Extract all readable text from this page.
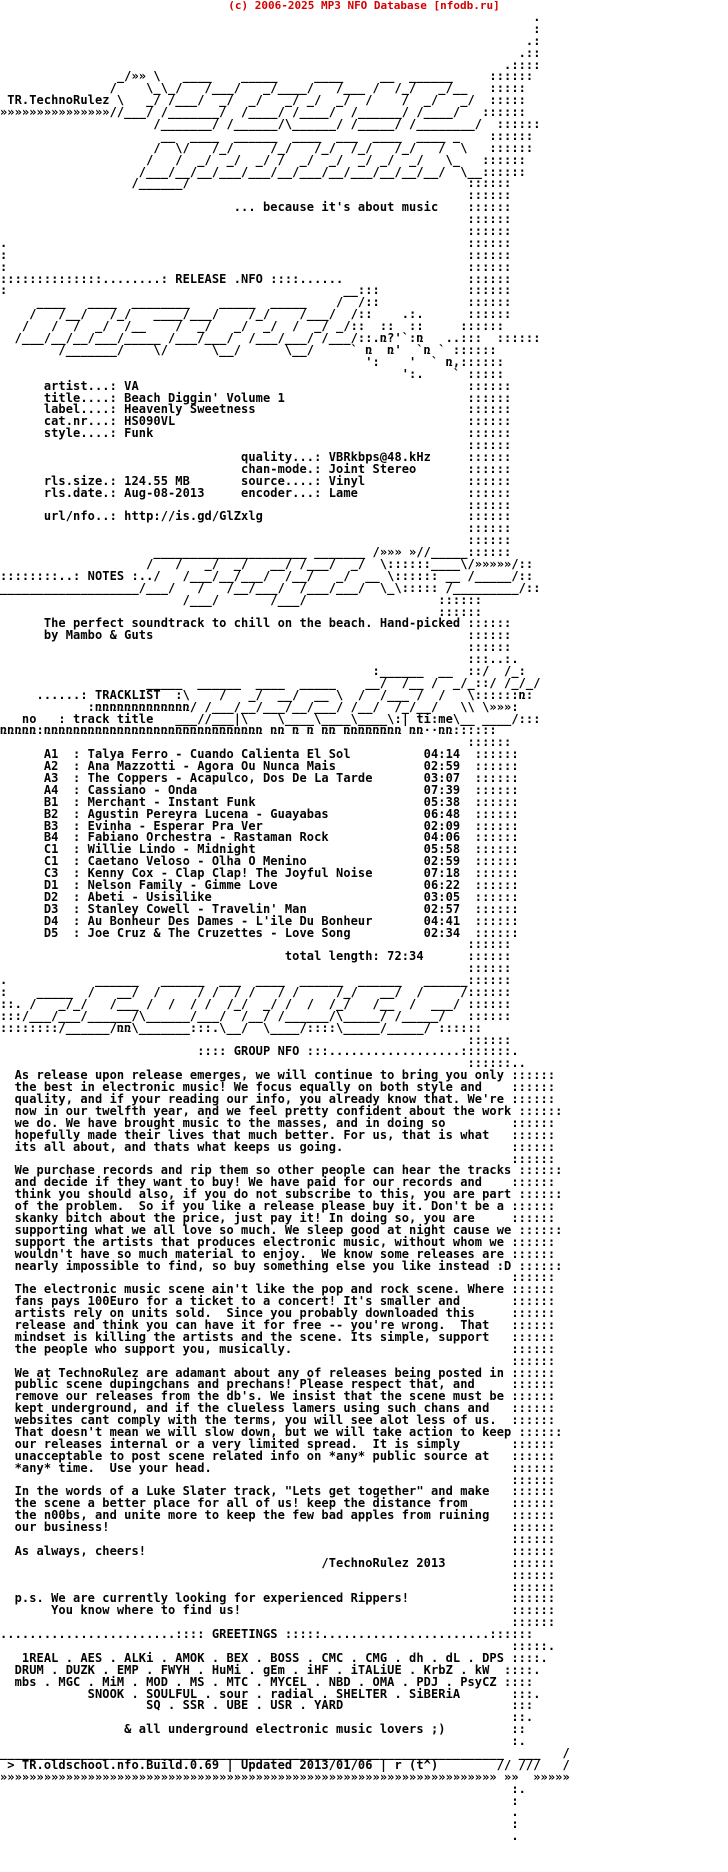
(c) 2006-2025 MP3 NFO Database [nfodb.ru]
.
:
.:
.::
.::::
_/»» \   ____    _____     ____     __  ______     ::::::
/    \_\_/   /___/   _/____/   /___ /  /_/   _/__   :::::
TR.TechnoRulez \   _/ /___/  _/  _/   _/ _/  _/  /    /  _/   _/  :::::
»»»»»»»»»»»»»»»//___/ /_______/  /____/ /____/  /______/ /____/   ::::::
/_______/ /______/\______/ /_____/ /________/  ::::::
__  ____  ______  ____  ___  ____  ____ _    ::::::
/  \/   /_/     /_/   /_/  /_/   /_/   /  \   ::::::
/   /  _/  _/  _/ /  _/  _/  _/ _/  _/   \_   ::::::
/___/__/__/___/___/__/___/__/___/__/__/__/  \__::::::
/______/                                      ::::::
::::::
... because it's about music    ::::::
::::::
::::::
.                                                               ::::::
:                                                               ::::::
:                                                               ::::::
::::::::::::::........: RELEASE .NFO ::::......                 ::::::
:                                              __:::            ::::::
____   ____  ________    _____  _____    /  /::            ::::::
/   /__/   /_/   ____/___/    /_/    /___/  /::    .:.      ::::::
/   /  /  _/  /__    /  _/   _/  _/  /  _/ _/::  ::  ::     ::::::
/___/__/__/___/_____ /___/___/  /___/___/ /___/::.ռ?'`:ռ   ..:::  ::::::
/_______/    \/      \__/      \__/     ` ռ  ռ'  `ռ ` ::::::
':    '  ` ռ,::::::
':.    ` :::::
artist...: VA                                             ::::::
title....: Beach Diggin' Volume 1                         ::::::
label....: Heavenly Sweetness                             ::::::
cat.nr...: HS090VL                                        ::::::
style....: Funk                                           ::::::
::::::
quality...: VBRkbps@48.kHz     ::::::
chan-mode.: Joint Stereo       ::::::
rls.size.: 124.55 MB       source....: Vinyl              ::::::
rls.date.: Aug-08-2013     encoder...: Lame               ::::::
::::::
url/nfo..: http://is.gd/GlZxlg                            ::::::
::::::
::::::
_____________________ _______ /»»» »//_____::::::
/   /   _/  _/   __/ /___/  _/  \::::::____\/»»»»»/::
::::::::..: NOTES :../   /___/__/___/  /__/   _/  __ \:::::: __ /_____/::
___________________/___/   /   /__/___/  /___/___/  \_\::::: /_________/::
/___/       /___/                  ::::::
::::::
The perfect soundtrack to chill on the beach. Hand-picked ::::::
by Mambo & Guts                                           ::::::
::::::
:::..:.
:______  __  ::/  /_:
_____  ______  ____  _____    __/  /__ /  _/_::/ /_/_/
......: TRACKLIST  :\    /   _/  __/  __ \  /  /___ /  /   \::::::ռ:
:ռռռռռռռռռռռռռ/ /___/__/___/__/___/ /__/  /_/__/   \\ \»»»:
no   : track title   ___//___|\    \____\____\____\:| ti:me\__ ____/:::
ռռռռռ:ռռռռռռռռռռռռռռռռռռռռռռռռռռռռռռ ռռ ռ ռ ռռ ռռռռռռռռ ռռ··ռռ::::::
::::::
A1  : Talya Ferro - Cuando Calienta El Sol          04:14  ::::::
A2  : Ana Mazzotti - Agora Ou Nunca Mais            02:59  ::::::
A3  : The Coppers - Acapulco, Dos De La Tarde       03:07  ::::::
A4  : Cassiano - Onda                               07:39  ::::::
B1  : Merchant - Instant Funk                       05:38  ::::::
B2  : Agustin Pereyra Lucena - Guayabas             06:48  ::::::
B3  : Evinha - Esperar Pra Ver                      02:09  ::::::
B4  : Fabiano Orchestra - Rastaman Rock             04:06  ::::::
C1  : Willie Lindo - Midnight                       05:58  ::::::
C1  : Caetano Veloso - Olha O Menino                02:59  ::::::
C3  : Kenny Cox - Clap Clap! The Joyful Noise       07:18  ::::::
D1  : Nelson Family - Gimme Love                    06:22  ::::::
D2  : Abeti - Usisilike                             03:05  ::::::
D3  : Stanley Cowell - Travelin' Man                02:57  ::::::
D4  : Au Bonheur Des Dames - L'ile Du Bonheur       04:41  ::::::
D5  : Joe Cruz & The Cruzettes - Love Song          02:34  ::::::
::::::
total length: 72:34      ::::::
::::::
.            ______   ______  ___  ____  ______  ______   ______::::::
:    _____  /   __/  /     / /  / /   / /     /_/   __/  /     /::::::
::. /   _/_/   /___ /  /  / /  /_/  _/ /  /  /_/   /__  /  ___/ ::::::
:::/___/___/______/\______/___/  /__/ /______/\_____/ /_____/   ::::::
::::::::/______/ռռ\_______:::.\__/  \____/::::\_____/_____/ ::::::
::::::
:::: GROUP NFO :::..................:::::::.
::::::..
As release upon release emerges, we will continue to bring you only ::::::
the best in electronic music! We focus equally on both style and    ::::::
quality, and if your reading our info, you already know that. We're ::::::
now in our twelfth year, and we feel pretty confident about the work ::::::
we do. We have brought music to the masses, and in doing so         ::::::
hopefully made their lives that much better. For us, that is what   ::::::
its all about, and thats what keeps us going.                       ::::::
::::::
We purchase records and rip them so other people can hear the tracks ::::::
and decide if they want to buy! We have paid for our records and    ::::::
think you should also, if you do not subscribe to this, you are part ::::::
of the problem.  So if you like a release please buy it. Don't be a ::::::
skanky bitch about the price, just pay it! In doing so, you are     ::::::
supporting what we all love so much. We sleep good at night cause we ::::::
support the artists that produces electronic music, without whom we ::::::
wouldn't have so much material to enjoy.  We know some releases are ::::::
nearly impossible to find, so buy something else you like instead :D ::::::
::::::
The electronic music scene ain't like the pop and rock scene. Where ::::::
fans pays 100Euro for a ticket to a concert! It's smaller and       ::::::
artists rely on units sold.  Since you probably downloaded this     ::::::
release and think you can have it for free -- you're wrong.  That   ::::::
mindset is killing the artists and the scene. Its simple, support   ::::::
the people who support you, musically.                              ::::::
::::::
We at TechnoRulez are adamant about any of releases being posted in ::::::
public scene dupingchans and prechans! Please respect that, and     ::::::
remove our releases from the db's. We insist that the scene must be ::::::
kept underground, and if the clueless lamers using such chans and   ::::::
websites cant comply with the terms, you will see alot less of us.  ::::::
That doesn't mean we will slow down, but we will take action to keep ::::::
our releases internal or a very limited spread.  It is simply       ::::::
unacceptable to post scene related info on *any* public source at   ::::::
*any* time.  Use your head.                                         ::::::
::::::
In the words of a Luke Slater track, "Lets get together" and make   ::::::
the scene a better place for all of us! keep the distance from      ::::::
the n00bs, and unite more to keep the few bad apples from ruining   ::::::
our business!                                                       ::::::
::::::
As always, cheers!                                                  ::::::
/TechnoRulez 2013         ::::::
::::::
::::::
p.s. We are currently looking for experienced Rippers!              ::::::
You know where to find us!                                     ::::::
::::::
........................:::: GREETINGS :::::.......................::::::
:::::.
1REAL . AES . ALKi . AMOK . BEX . BOSS . CMC . CMG . dh . dL . DPS ::::.
DRUM . DUZK . EMP . FWYH . HuMi . gEm . iHF . iTALiUE . KrbZ . kW  ::::.
mbs . MGC . MiM . MOD . MS . MTC . MYCEL . NBD . OMA . PDJ . PsyCZ ::::
SNOOK . SOULFUL . sour . radial . SHELTER . SiBERiA       :::.
SQ . SSR . UBE . USR . YARD                       :::
::.
& all underground electronic music lovers ;)         ::
:.
_____________________________________________________________________  ___   /
> TR.oldschool.nfo.Build.0.69 | Updated 2013/01/06 | r (t^)        // ///   /
»»»»»»»»»»»»»»»»»»»»»»»»»»»»»»»»»»»»»»»»»»»»»»»»»»»»»»»»»»»»»»»»»»»» »»  »»»»»
:.
:
.
:
.
